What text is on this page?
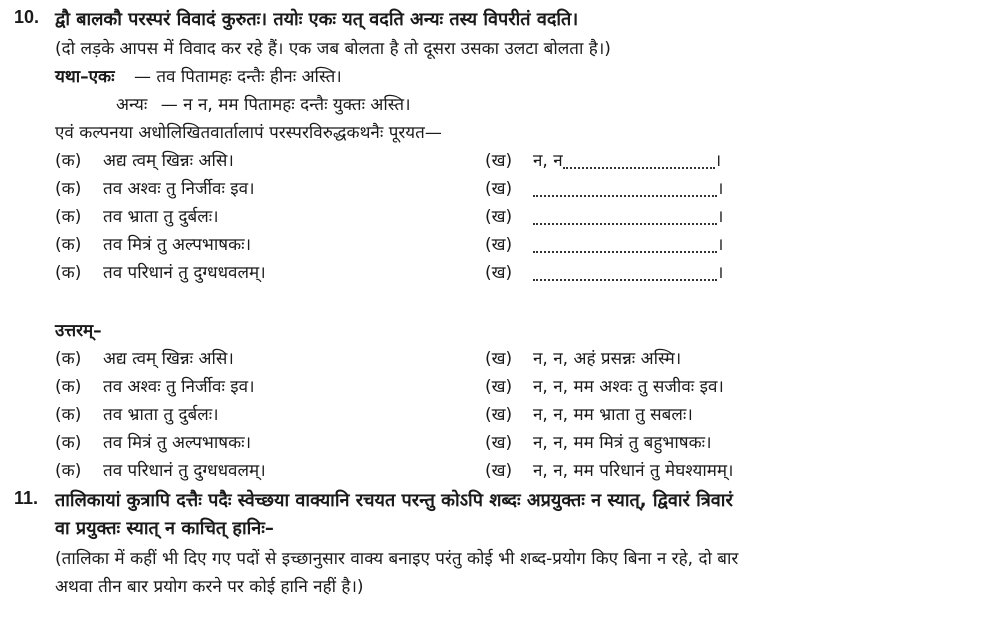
10. द्वौ बालकौ परस्परं विवादं कुरुतः। तयोः एकः यत् वदति अन्यः तस्य विपरीतं वदति।
(दो लड़के आपस में विवाद कर रहे हैं। एक जब बोलता है तो दूसरा उसका उलटा बोलता है।)
यथा–एकः — तव पितामहः दन्तैः हीनः अस्ति।
अन्यः — न न, मम पितामहः दन्तैः युक्तः अस्ति।
एवं कल्पनया अधोलिखितवार्तालापं परस्परविरुद्धकथनैः पूरयत—
(क) अद्य त्वम् खिन्नः असि।	(ख) न, न	।
(क) तव अश्वः तु निर्जीवः इव।	(ख)	।
(क) तव भ्राता तु दुर्बलः।	(ख)	।
(क) तव मित्रं तु अल्पभाषकः।	(ख)	।
(क) तव परिधानं तु दुग्धधवलम्।	(ख)	।
उत्तरम्–
(क) अद्य त्वम् खिन्नः असि।	(ख) न, न, अहं प्रसन्नः अस्मि।
(क) तव अश्वः तु निर्जीवः इव।	(ख) न, न, मम अश्वः तु सजीवः इव।
(क) तव भ्राता तु दुर्बलः।	(ख) न, न, मम भ्राता तु सबलः।
(क) तव मित्रं तु अल्पभाषकः।	(ख) न, न, मम मित्रं तु बहुभाषकः।
(क) तव परिधानं तु दुग्धधवलम्।	(ख) न, न, मम परिधानं तु मेघश्यामम्।
11. तालिकायां कुत्रापि दत्तैः पदैः स्वेच्छया वाक्यानि रचयत परन्तु कोऽपि शब्दः अप्रयुक्तः न स्यात्, द्विवारं त्रिवारं
वा प्रयुक्तः स्यात् न काचित् हानिः–
(तालिका में कहीं भी दिए गए पदों से इच्छानुसार वाक्य बनाइए परंतु कोई भी शब्द-प्रयोग किए बिना न रहे, दो बार
अथवा तीन बार प्रयोग करने पर कोई हानि नहीं है।)
